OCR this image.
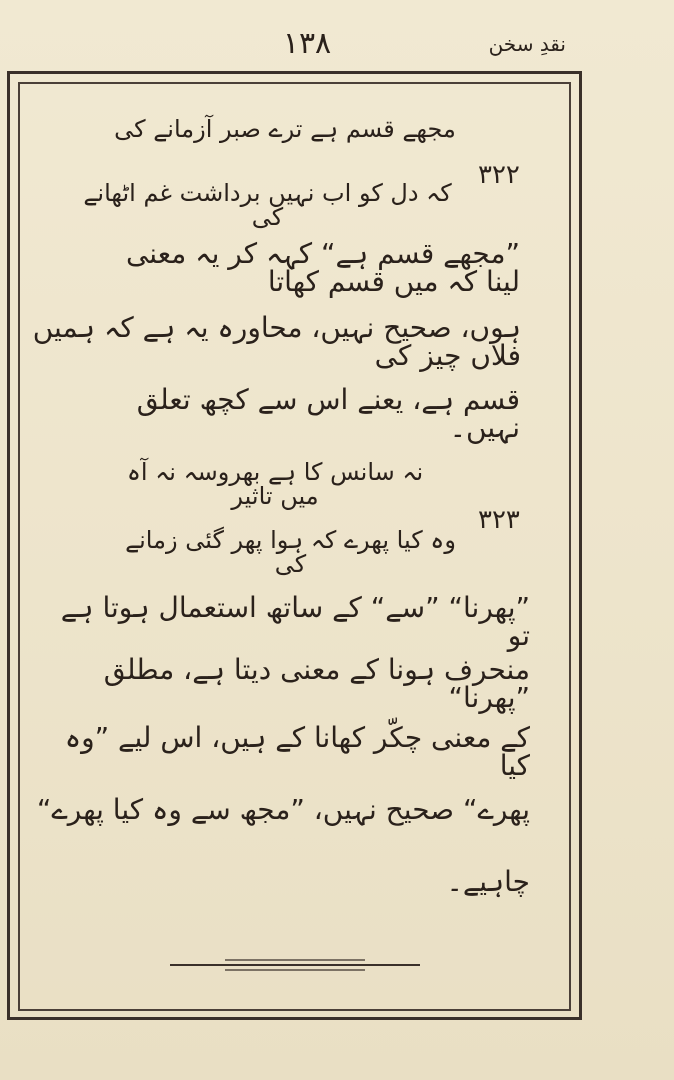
۱۳۸	نقدِ سخن
مجھے قسم ہے ترے صبر آزمانے کی
۳۲۲
کہ دل کو اب نہیں برداشت غم اٹھانے کی
”مجھے قسم ہے“ کہہ کر یہ معنی لینا کہ میں قسم کھاتا
ہوں، صحیح نہیں، محاورہ یہ ہے کہ ہمیں فلاں چیز کی
قسم ہے، یعنے اس سے کچھ تعلق نہیں۔
نہ سانس کا ہے بھروسہ نہ آہ میں تاثیر
۳۲۳
وہ کیا پھرے کہ ہوا پھر گئی زمانے کی
”پھرنا“ ”سے“ کے ساتھ استعمال ہوتا ہے تو
منحرف ہونا کے معنی دیتا ہے، مطلق ”پھرنا“
کے معنی چکّر کھانا کے ہیں، اس لیے ”وہ کیا
پھرے“ صحیح نہیں، ”مجھ سے وہ کیا پھرے“
چاہیے۔
